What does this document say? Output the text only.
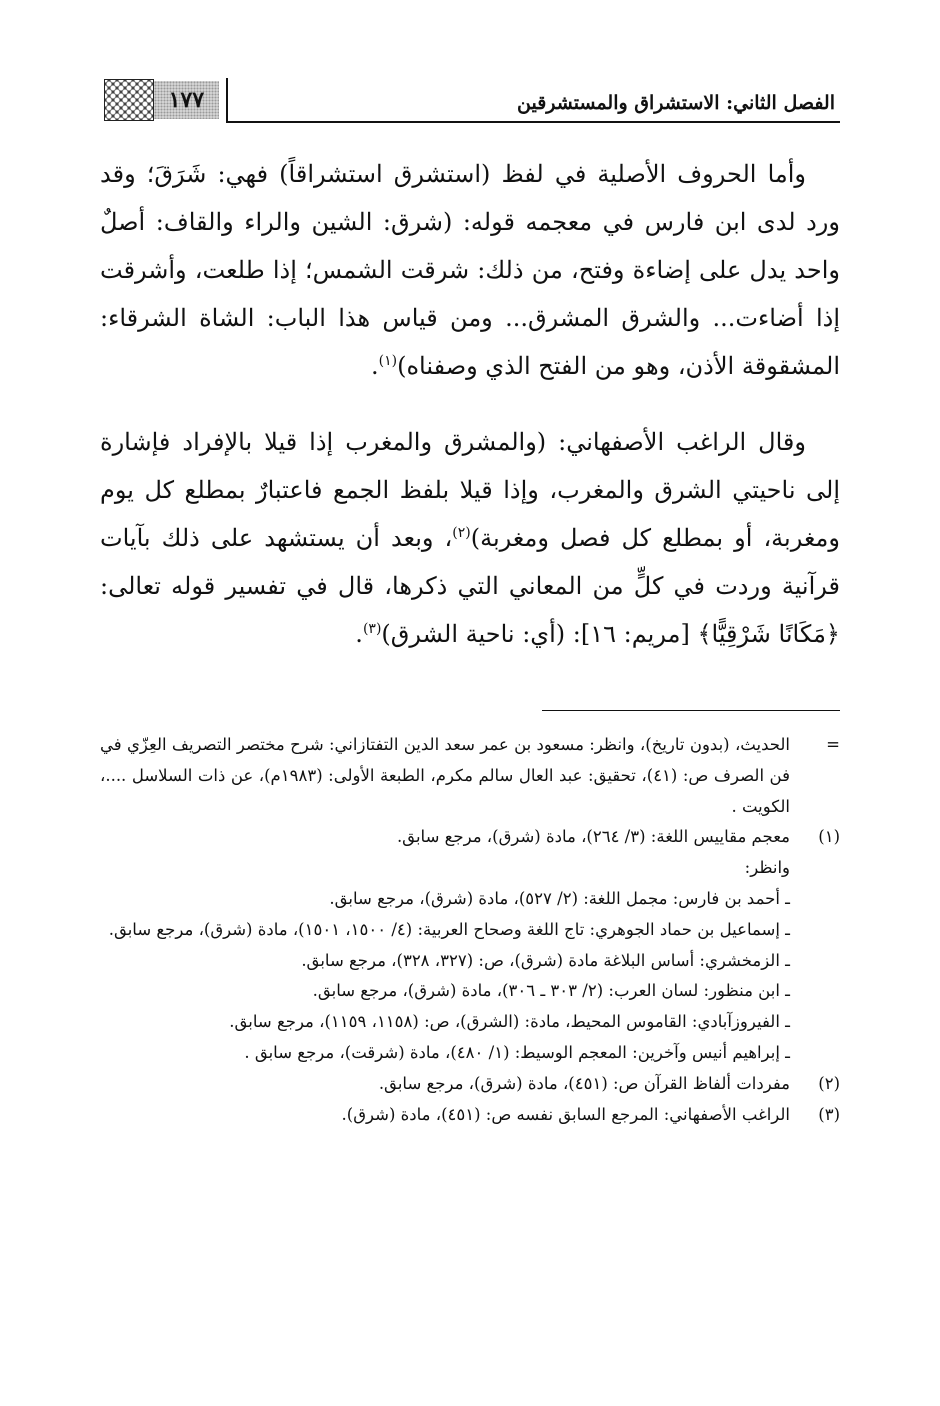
الفصل الثاني: الاستشراق والمستشرقين
١٧٧

وأما الحروف الأصلية في لفظ (استشرق استشراقاً) فهي: شَرَقَ؛ وقد ورد لدى ابن فارس في معجمه قوله: (شرق: الشين والراء والقاف: أصلٌ واحد يدل على إضاءة وفتح، من ذلك: شرقت الشمس؛ إذا طلعت، وأشرقت إذا أضاءت... والشرق المشرق... ومن قياس هذا الباب: الشاة الشرقاء: المشقوقة الأذن، وهو من الفتح الذي وصفناه)$^{(١)}$.

وقال الراغب الأصفهاني: (والمشرق والمغرب إذا قيلا بالإفراد فإشارة إلى ناحيتي الشرق والمغرب، وإذا قيلا بلفظ الجمع فاعتبارٌ بمطلع كل يوم ومغربة، أو بمطلع كل فصل ومغربة)$^{(٢)}$، وبعد أن يستشهد على ذلك بآيات قرآنية وردت في كلٍّ من المعاني التي ذكرها، قال في تفسير قوله تعالى: ﴿مَكَانًا شَرْقِيًّا﴾ [مريم: ١٦]: (أي: ناحية الشرق)$^{(٣)}$.

=
الحديث، (بدون تاريخ)، وانظر: مسعود بن عمر سعد الدين التفتازاني: شرح مختصر التصريف العِزّي في فن الصرف ص: (٤١)، تحقيق: عبد العال سالم مكرم، الطبعة الأولى: (١٩٨٣م)، عن ذات السلاسل ....، الكويت .
(١)
معجم مقاييس اللغة: (٣/ ٢٦٤)، مادة (شرق)، مرجع سابق.
وانظر:
ـ أحمد بن فارس: مجمل اللغة: (٢/ ٥٢٧)، مادة (شرق)، مرجع سابق.
ـ إسماعيل بن حماد الجوهري: تاج اللغة وصحاح العربية: (٤/ ١٥٠٠، ١٥٠١)، مادة (شرق)، مرجع سابق.
ـ الزمخشري: أساس البلاغة مادة (شرق)، ص: (٣٢٧، ٣٢٨)، مرجع سابق.
ـ ابن منظور: لسان العرب: (٢/ ٣٠٣ ـ ٣٠٦)، مادة (شرق)، مرجع سابق.
ـ الفيروزآبادي: القاموس المحيط، مادة: (الشرق)، ص: (١١٥٨، ١١٥٩)، مرجع سابق.
ـ إبراهيم أنيس وآخرين: المعجم الوسيط: (١/ ٤٨٠)، مادة (شرقت)، مرجع سابق .
(٢)
مفردات ألفاظ القرآن ص: (٤٥١)، مادة (شرق)، مرجع سابق.
(٣)
الراغب الأصفهاني: المرجع السابق نفسه ص: (٤٥١)، مادة (شرق).
